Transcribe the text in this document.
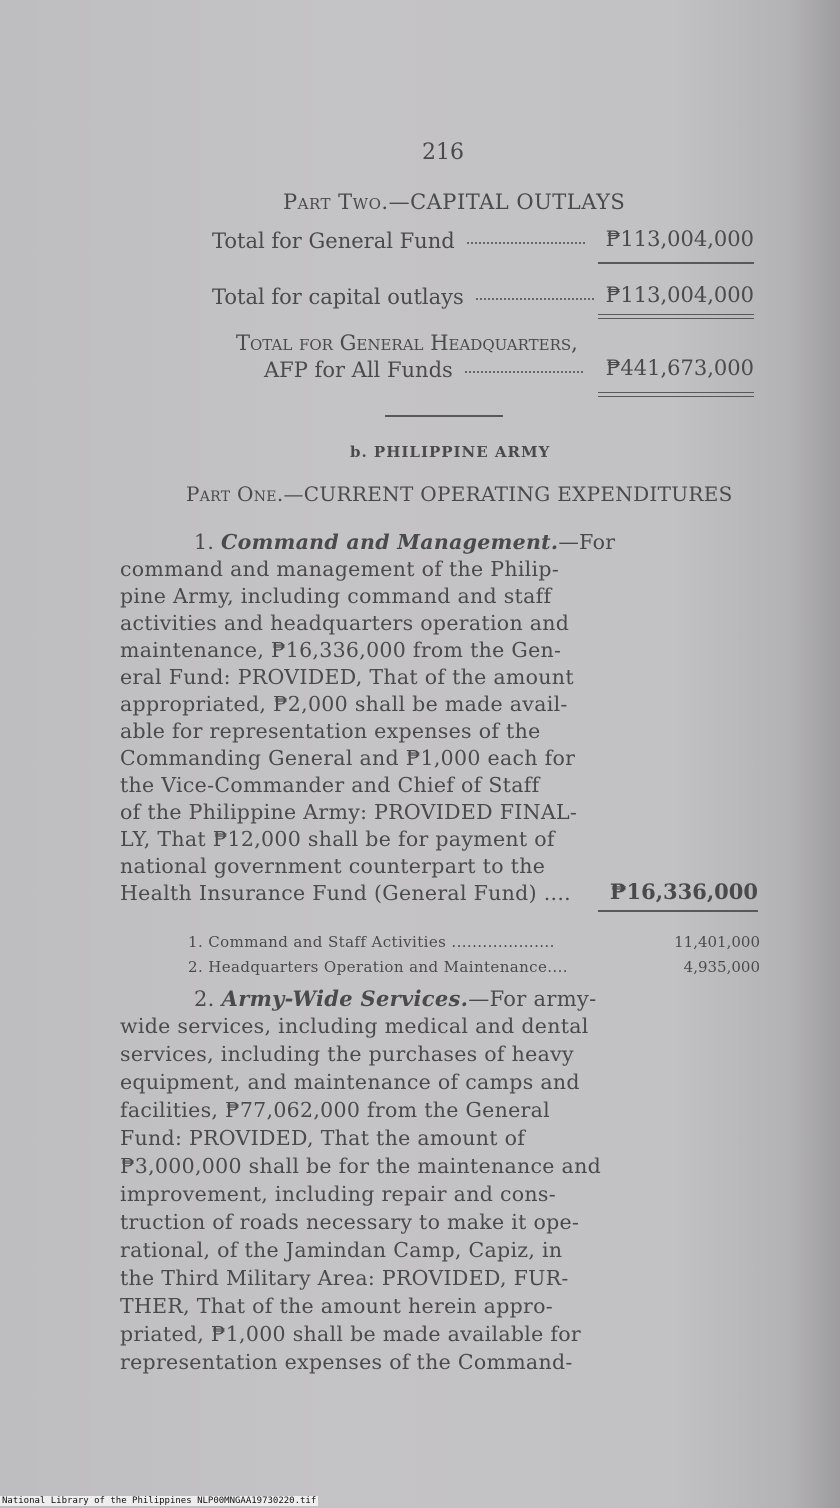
216
Part Two.—CAPITAL OUTLAYS
Total for General Fund	₱113,004,000
Total for capital outlays	₱113,004,000
Total for General Headquarters,
AFP for All Funds	₱441,673,000
b. PHILIPPINE ARMY
Part One.—CURRENT OPERATING EXPENDITURES
1. Command and Management.—For
command and management of the Philip-
pine Army, including command and staff
activities and headquarters operation and
maintenance, ₱16,336,000 from the Gen-
eral Fund: PROVIDED, That of the amount
appropriated, ₱2,000 shall be made avail-
able for representation expenses of the
Commanding General and ₱1,000 each for
the Vice-Commander and Chief of Staff
of the Philippine Army: PROVIDED FINAL-
LY, That ₱12,000 shall be for payment of
national government counterpart to the
Health Insurance Fund (General Fund) .... ₱16,336,000
1. Command and Staff Activities ....................	11,401,000
2. Headquarters Operation and Maintenance....	4,935,000
2. Army-Wide Services.—For army-
wide services, including medical and dental
services, including the purchases of heavy
equipment, and maintenance of camps and
facilities, ₱77,062,000 from the General
Fund: PROVIDED, That the amount of
₱3,000,000 shall be for the maintenance and
improvement, including repair and cons-
truction of roads necessary to make it ope-
rational, of the Jamindan Camp, Capiz, in
the Third Military Area: PROVIDED, FUR-
THER, That of the amount herein appro-
priated, ₱1,000 shall be made available for
representation expenses of the Command-
National Library of the Philippines NLP00MNGAA19730220.tif
